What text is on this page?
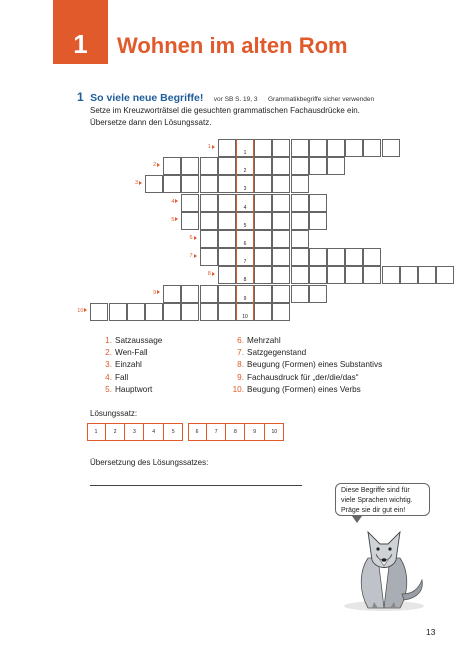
1	Wohnen im alten Rom
1 So viele neue Begriffe! vor SB S. 19, 3 Grammatikbegriffe sicher verwenden
Setze im Kreuzworträtsel die gesuchten grammatischen Fachausdrücke ein.
Übersetze dann den Lösungssatz.
1
1
2
2
3
3
4
4
5
5
6
6
7
7
8
8
9
9
10
10
1. Satzaussage
2. Wen-Fall
3. Einzahl
4. Fall
5. Hauptwort
6. Mehrzahl
7. Satzgegenstand
8. Beugung (Formen) eines Substantivs
9. Fachausdruck für „der/die/das“
10. Beugung (Formen) eines Verbs
Lösungssatz:
1	2	3	4	5	6	7	8	9	10
Übersetzung des Lösungssatzes:
Diese Begriffe sind für
viele Sprachen wichtig.
Präge sie dir gut ein!
13
